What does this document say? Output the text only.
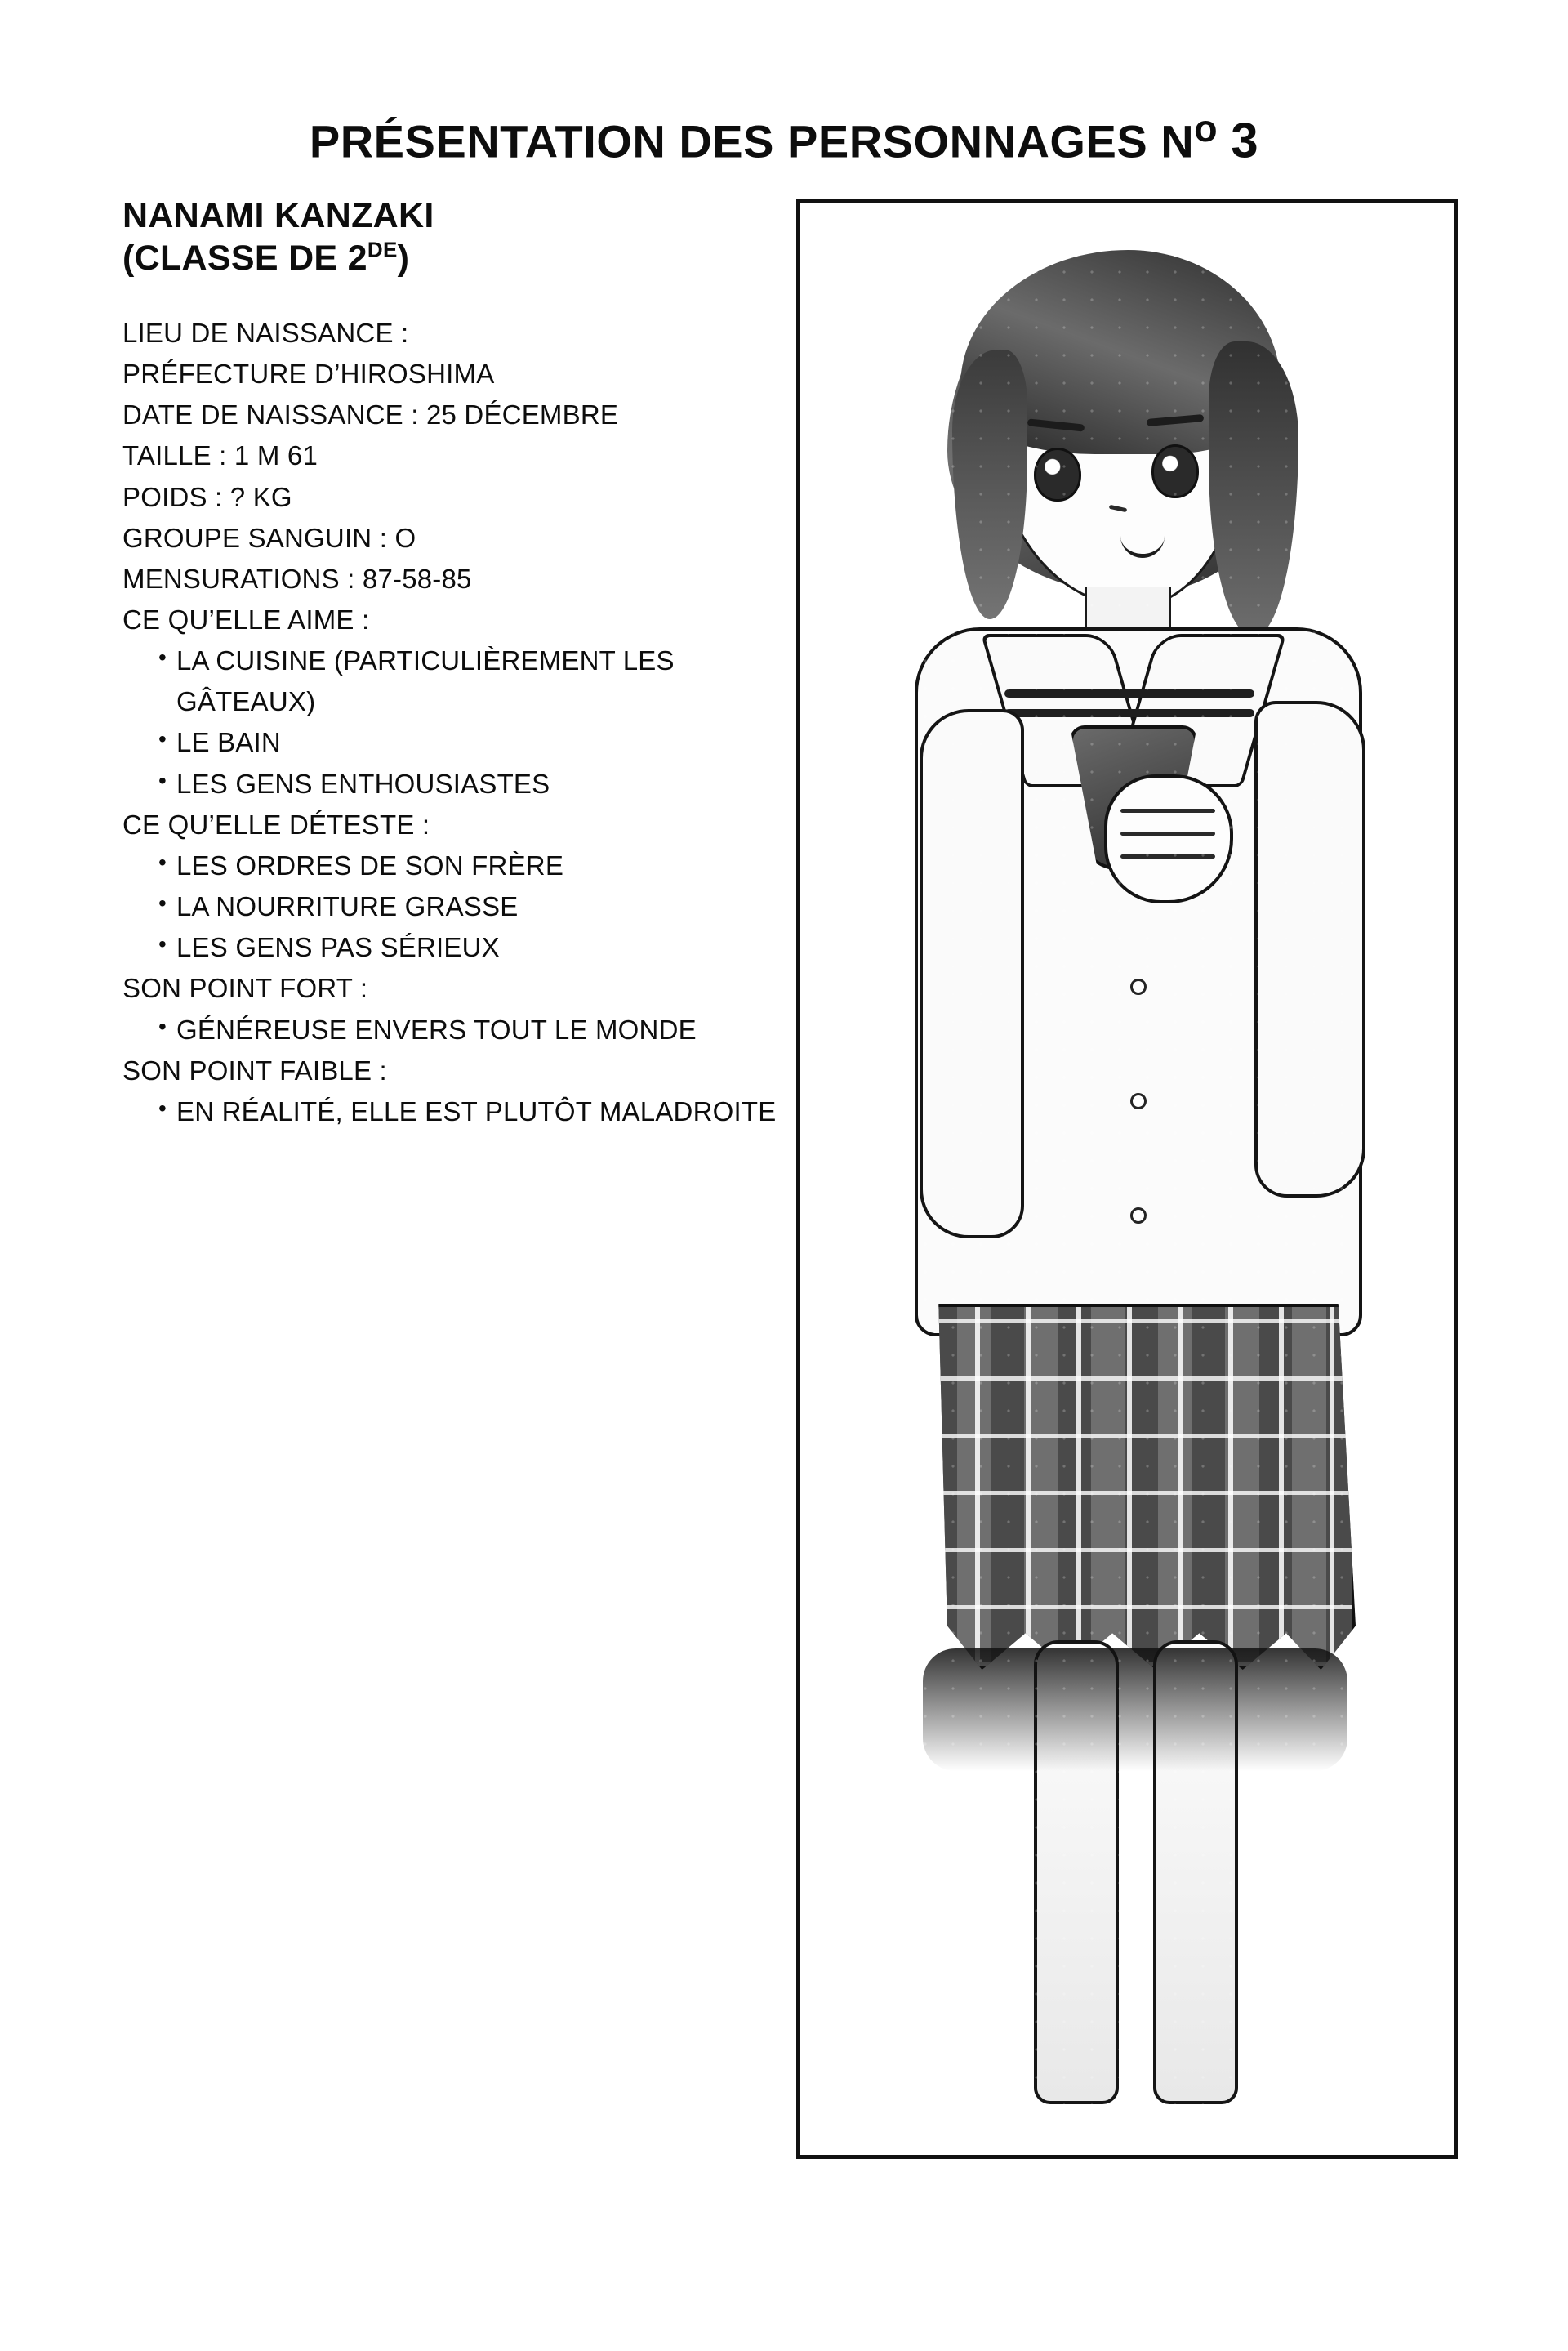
PRÉSENTATION DES PERSONNAGES $N^o$ 3
NANAMI KANZAKI
(CLASSE DE 2DE)
LIEU DE NAISSANCE :
PRÉFECTURE D’HIROSHIMA
DATE DE NAISSANCE : 25 DÉCEMBRE
TAILLE : 1 M 61
POIDS : ? KG
GROUPE SANGUIN : O
MENSURATIONS : 87-58-85
CE QU’ELLE AIME :
• LA CUISINE (PARTICULIÈREMENT LES GÂTEAUX)
• LE BAIN
• LES GENS ENTHOUSIASTES
CE QU’ELLE DÉTESTE :
• LES ORDRES DE SON FRÈRE
• LA NOURRITURE GRASSE
• LES GENS PAS SÉRIEUX
SON POINT FORT :
• GÉNÉREUSE ENVERS TOUT LE MONDE
SON POINT FAIBLE :
• EN RÉALITÉ, ELLE EST PLUTÔT MALADROITE
